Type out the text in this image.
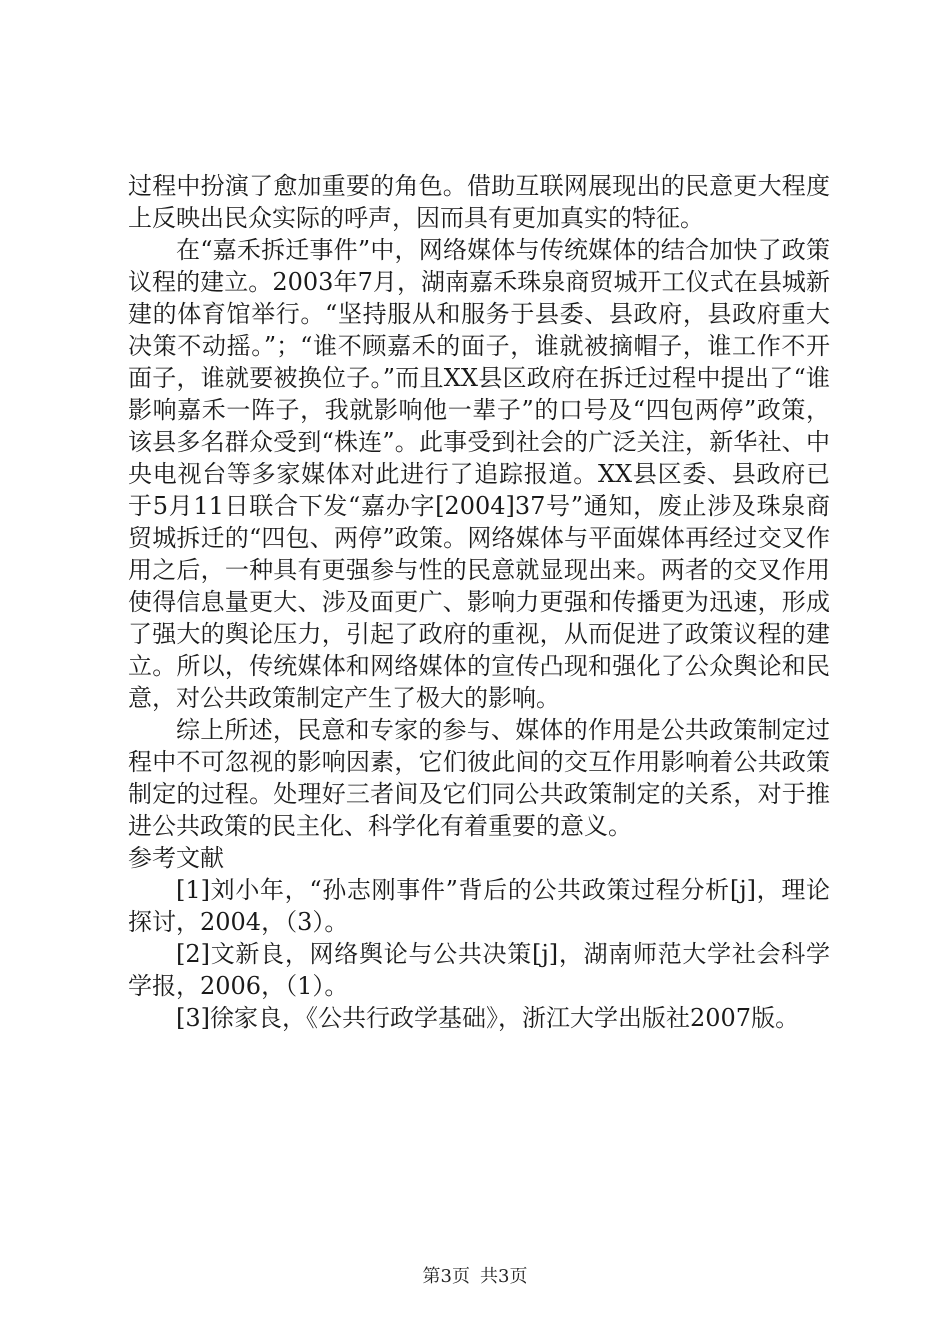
过程中扮演了愈加重要的角色。借助互联网展现出的民意更大程度上反映出民众实际的呼声，因而具有更加真实的特征。

在“嘉禾拆迁事件”中，网络媒体与传统媒体的结合加快了政策议程的建立。2003年7月，湖南嘉禾珠泉商贸城开工仪式在县城新建的体育馆举行。“坚持服从和服务于县委、县政府，县政府重大决策不动摇。”；“谁不顾嘉禾的面子，谁就被摘帽子，谁工作不开面子，谁就要被换位子。”而且XX县区政府在拆迁过程中提出了“谁影响嘉禾一阵子，我就影响他一辈子”的口号及“四包两停”政策，该县多名群众受到“株连”。此事受到社会的广泛关注，新华社、中央电视台等多家媒体对此进行了追踪报道。XX县区委、县政府已于5月11日联合下发“嘉办字[2004]37号”通知，废止涉及珠泉商贸城拆迁的“四包、两停”政策。网络媒体与平面媒体再经过交叉作用之后，一种具有更强参与性的民意就显现出来。两者的交叉作用使得信息量更大、涉及面更广、影响力更强和传播更为迅速，形成了强大的舆论压力，引起了政府的重视，从而促进了政策议程的建立。所以，传统媒体和网络媒体的宣传凸现和强化了公众舆论和民意，对公共政策制定产生了极大的影响。

综上所述，民意和专家的参与、媒体的作用是公共政策制定过程中不可忽视的影响因素，它们彼此间的交互作用影响着公共政策制定的过程。处理好三者间及它们同公共政策制定的关系，对于推进公共政策的民主化、科学化有着重要的意义。

参考文献

[1]刘小年，“孙志刚事件”背后的公共政策过程分析[j]，理论探讨，2004，（3）。

[2]文新良，网络舆论与公共决策[j]，湖南师范大学社会科学学报，2006，（1）。

[3]徐家良，《公共行政学基础》，浙江大学出版社2007版。

第3页 共3页
